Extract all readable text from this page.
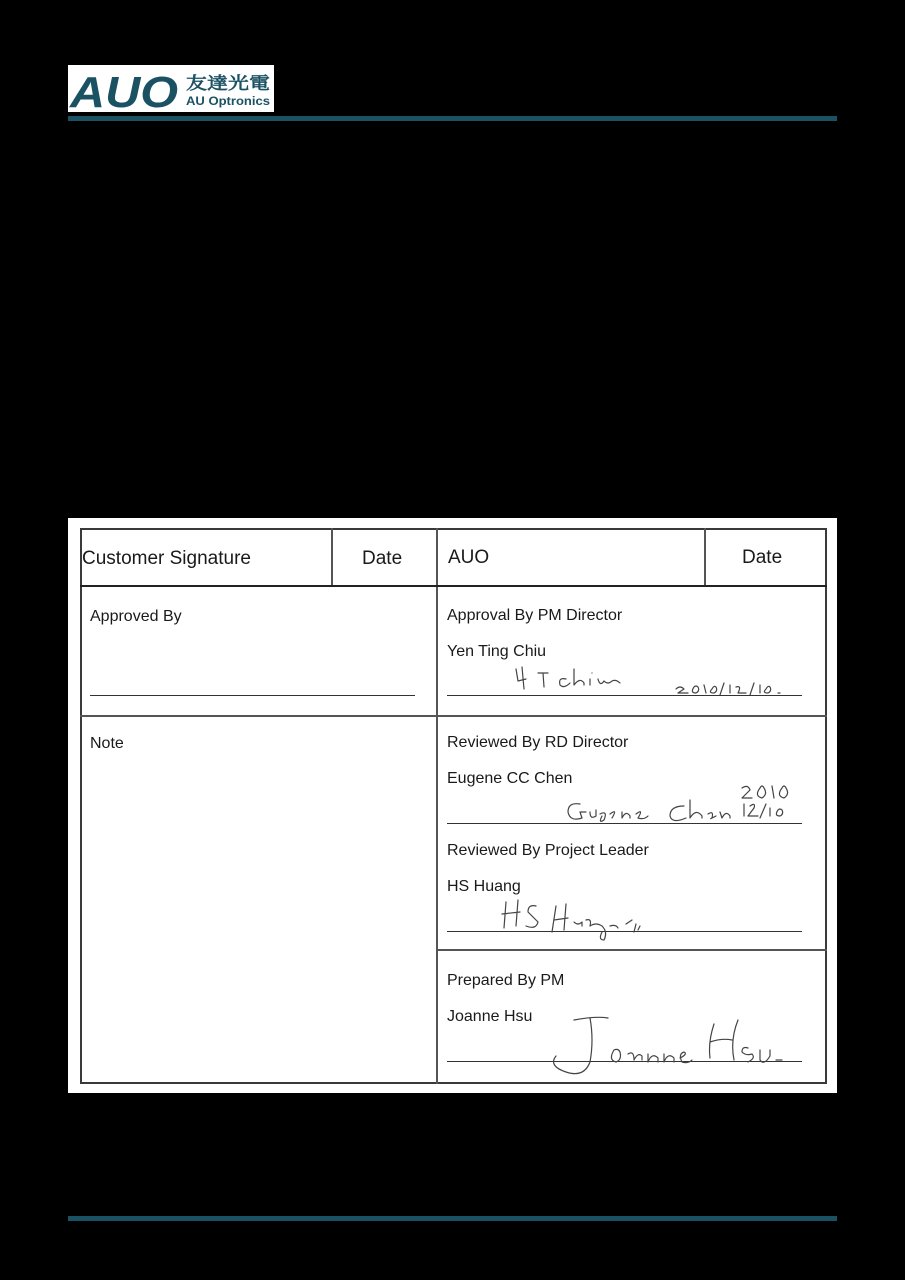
AUO 友達光電
AU Optronics
Customer Signature	Date AUO	Date
Approved By
Note
Approval By PM Director
Yen Ting Chiu
Reviewed By RD Director
Eugene CC Chen
Reviewed By Project Leader
HS Huang
Prepared By PM
Joanne Hsu
